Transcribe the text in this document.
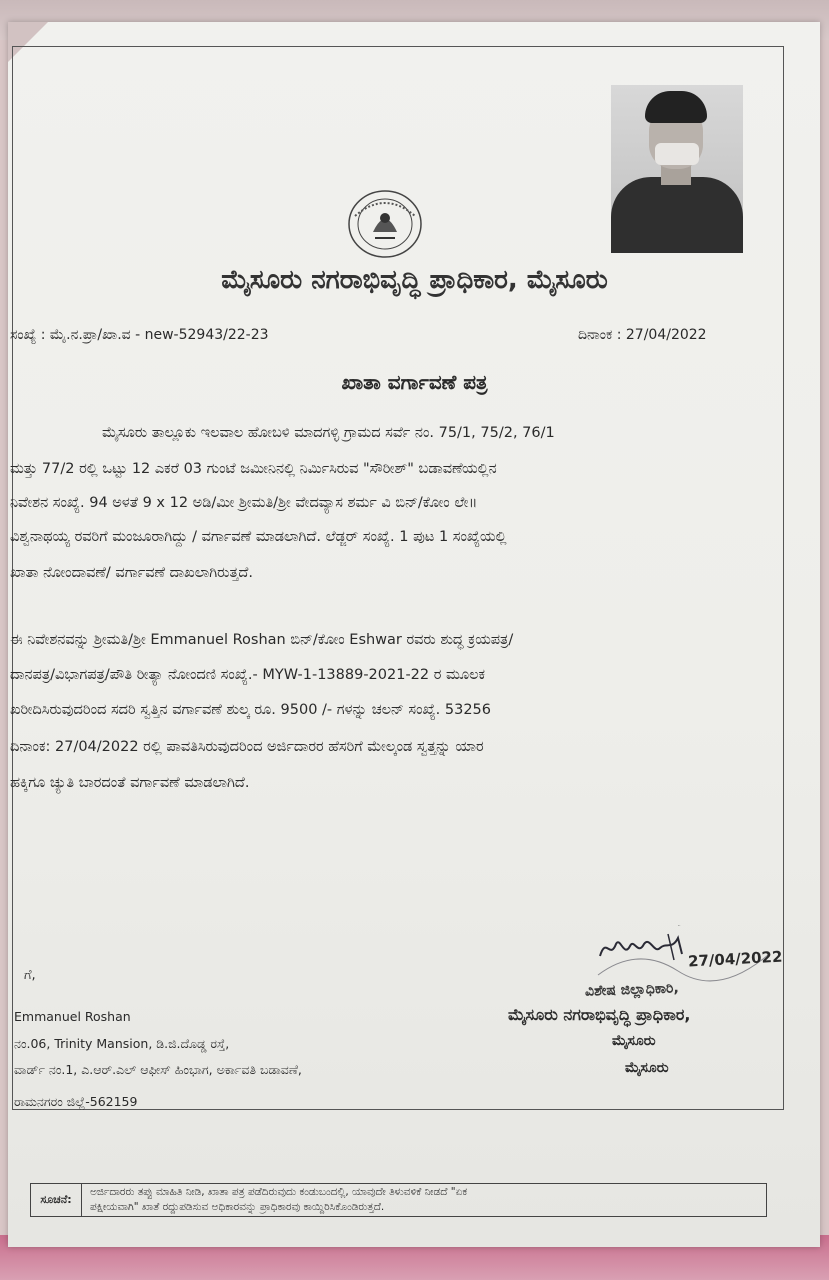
ಮೈಸೂರು ನಗರಾಭಿವೃದ್ಧಿ ಪ್ರಾಧಿಕಾರ, ಮೈಸೂರು
ಸಂಖ್ಯೆ : ಮೈ.ನ.ಪ್ರಾ/ಖಾ.ವ - new-52943/22-23	ದಿನಾಂಕ : 27/04/2022
ಖಾತಾ ವರ್ಗಾವಣೆ ಪತ್ರ
ಮೈಸೂರು ತಾಲ್ಲೂಕು ಇಲವಾಲ ಹೋಬಳಿ ಮಾದಗಳ್ಳಿ ಗ್ರಾಮದ ಸರ್ವೆ ನಂ. 75/1, 75/2, 76/1
ಮತ್ತು 77/2 ರಲ್ಲಿ ಒಟ್ಟು 12 ಎಕರೆ 03 ಗುಂಟೆ ಜಮೀನಿನಲ್ಲಿ ನಿರ್ಮಿಸಿರುವ "ಸೌರೀಶ್" ಬಡಾವಣೆಯಲ್ಲಿನ
ನಿವೇಶನ ಸಂಖ್ಯೆ. 94 ಅಳತೆ 9 x 12 ಅಡಿ/ಮೀ ಶ್ರೀಮತಿ/ಶ್ರೀ ವೇದವ್ಯಾಸ ಶರ್ಮ ವಿ ಬಿನ್/ಕೋಂ ಲೇ॥
ವಿಶ್ವನಾಥಯ್ಯ ರವರಿಗೆ ಮಂಜೂರಾಗಿದ್ದು / ವರ್ಗಾವಣೆ ಮಾಡಲಾಗಿದೆ. ಲೆಡ್ಜರ್ ಸಂಖ್ಯೆ. 1 ಪುಟ 1 ಸಂಖ್ಯೆಯಲ್ಲಿ
ಖಾತಾ ನೋಂದಾವಣೆ/ ವರ್ಗಾವಣೆ ದಾಖಲಾಗಿರುತ್ತದೆ.
ಈ ನಿವೇಶನವನ್ನು ಶ್ರೀಮತಿ/ಶ್ರೀ Emmanuel Roshan ಬಿನ್/ಕೋಂ Eshwar ರವರು ಶುದ್ಧ ಕ್ರಯಪತ್ರ/
ದಾನಪತ್ರ/ವಿಭಾಗಪತ್ರ/ಪೌತಿ ರೀತ್ಯಾ ನೋಂದಣಿ ಸಂಖ್ಯೆ.- MYW-1-13889-2021-22 ರ ಮೂಲಕ
ಖರೀದಿಸಿರುವುದರಿಂದ ಸದರಿ ಸ್ವತ್ತಿನ ವರ್ಗಾವಣೆ ಶುಲ್ಕ ರೂ. 9500 /- ಗಳನ್ನು ಚಲನ್ ಸಂಖ್ಯೆ. 53256
ದಿನಾಂಕ: 27/04/2022 ರಲ್ಲಿ ಪಾವತಿಸಿರುವುದರಿಂದ ಅರ್ಜಿದಾರರ ಹೆಸರಿಗೆ ಮೇಲ್ಕಂಡ ಸ್ವತ್ತನ್ನು ಯಾರ
ಹಕ್ಕಿಗೂ ಚ್ಯುತಿ ಬಾರದಂತೆ ವರ್ಗಾವಣೆ ಮಾಡಲಾಗಿದೆ.
27/04/2022
ವಿಶೇಷ ಜಿಲ್ಲಾಧಿಕಾರಿ,
ಮೈಸೂರು ನಗರಾಭಿವೃದ್ಧಿ ಪ್ರಾಧಿಕಾರ,
ಮೈಸೂರು
ಮೈಸೂರು
ಗೆ,
Emmanuel Roshan
ನಂ.06, Trinity Mansion, ಡಿ.ಜಿ.ದೊಡ್ಡ ರಸ್ತೆ,
ವಾರ್ಡ್ ನಂ.1, ಎ.ಆರ್.ಎಲ್ ಆಫೀಸ್ ಹಿಂಭಾಗ, ಅರ್ಕಾವತಿ ಬಡಾವಣೆ,
ರಾಮನಗರಂ ಜಿಲ್ಲೆ-562159
ಸೂಚನೆ:
ಅರ್ಜಿದಾರರು ತಪ್ಪು ಮಾಹಿತಿ ನೀಡಿ, ಖಾತಾ ಪತ್ರ ಪಡೆದಿರುವುದು ಕಂಡುಬಂದಲ್ಲಿ, ಯಾವುದೇ ತಿಳುವಳಿಕೆ ನೀಡದೆ "ಏಕ
ಪಕ್ಷೀಯವಾಗಿ" ಖಾತೆ ರದ್ದುಪಡಿಸುವ ಅಧಿಕಾರವನ್ನು ಪ್ರಾಧಿಕಾರವು ಕಾಯ್ದಿರಿಸಿಕೊಂಡಿರುತ್ತದೆ.
